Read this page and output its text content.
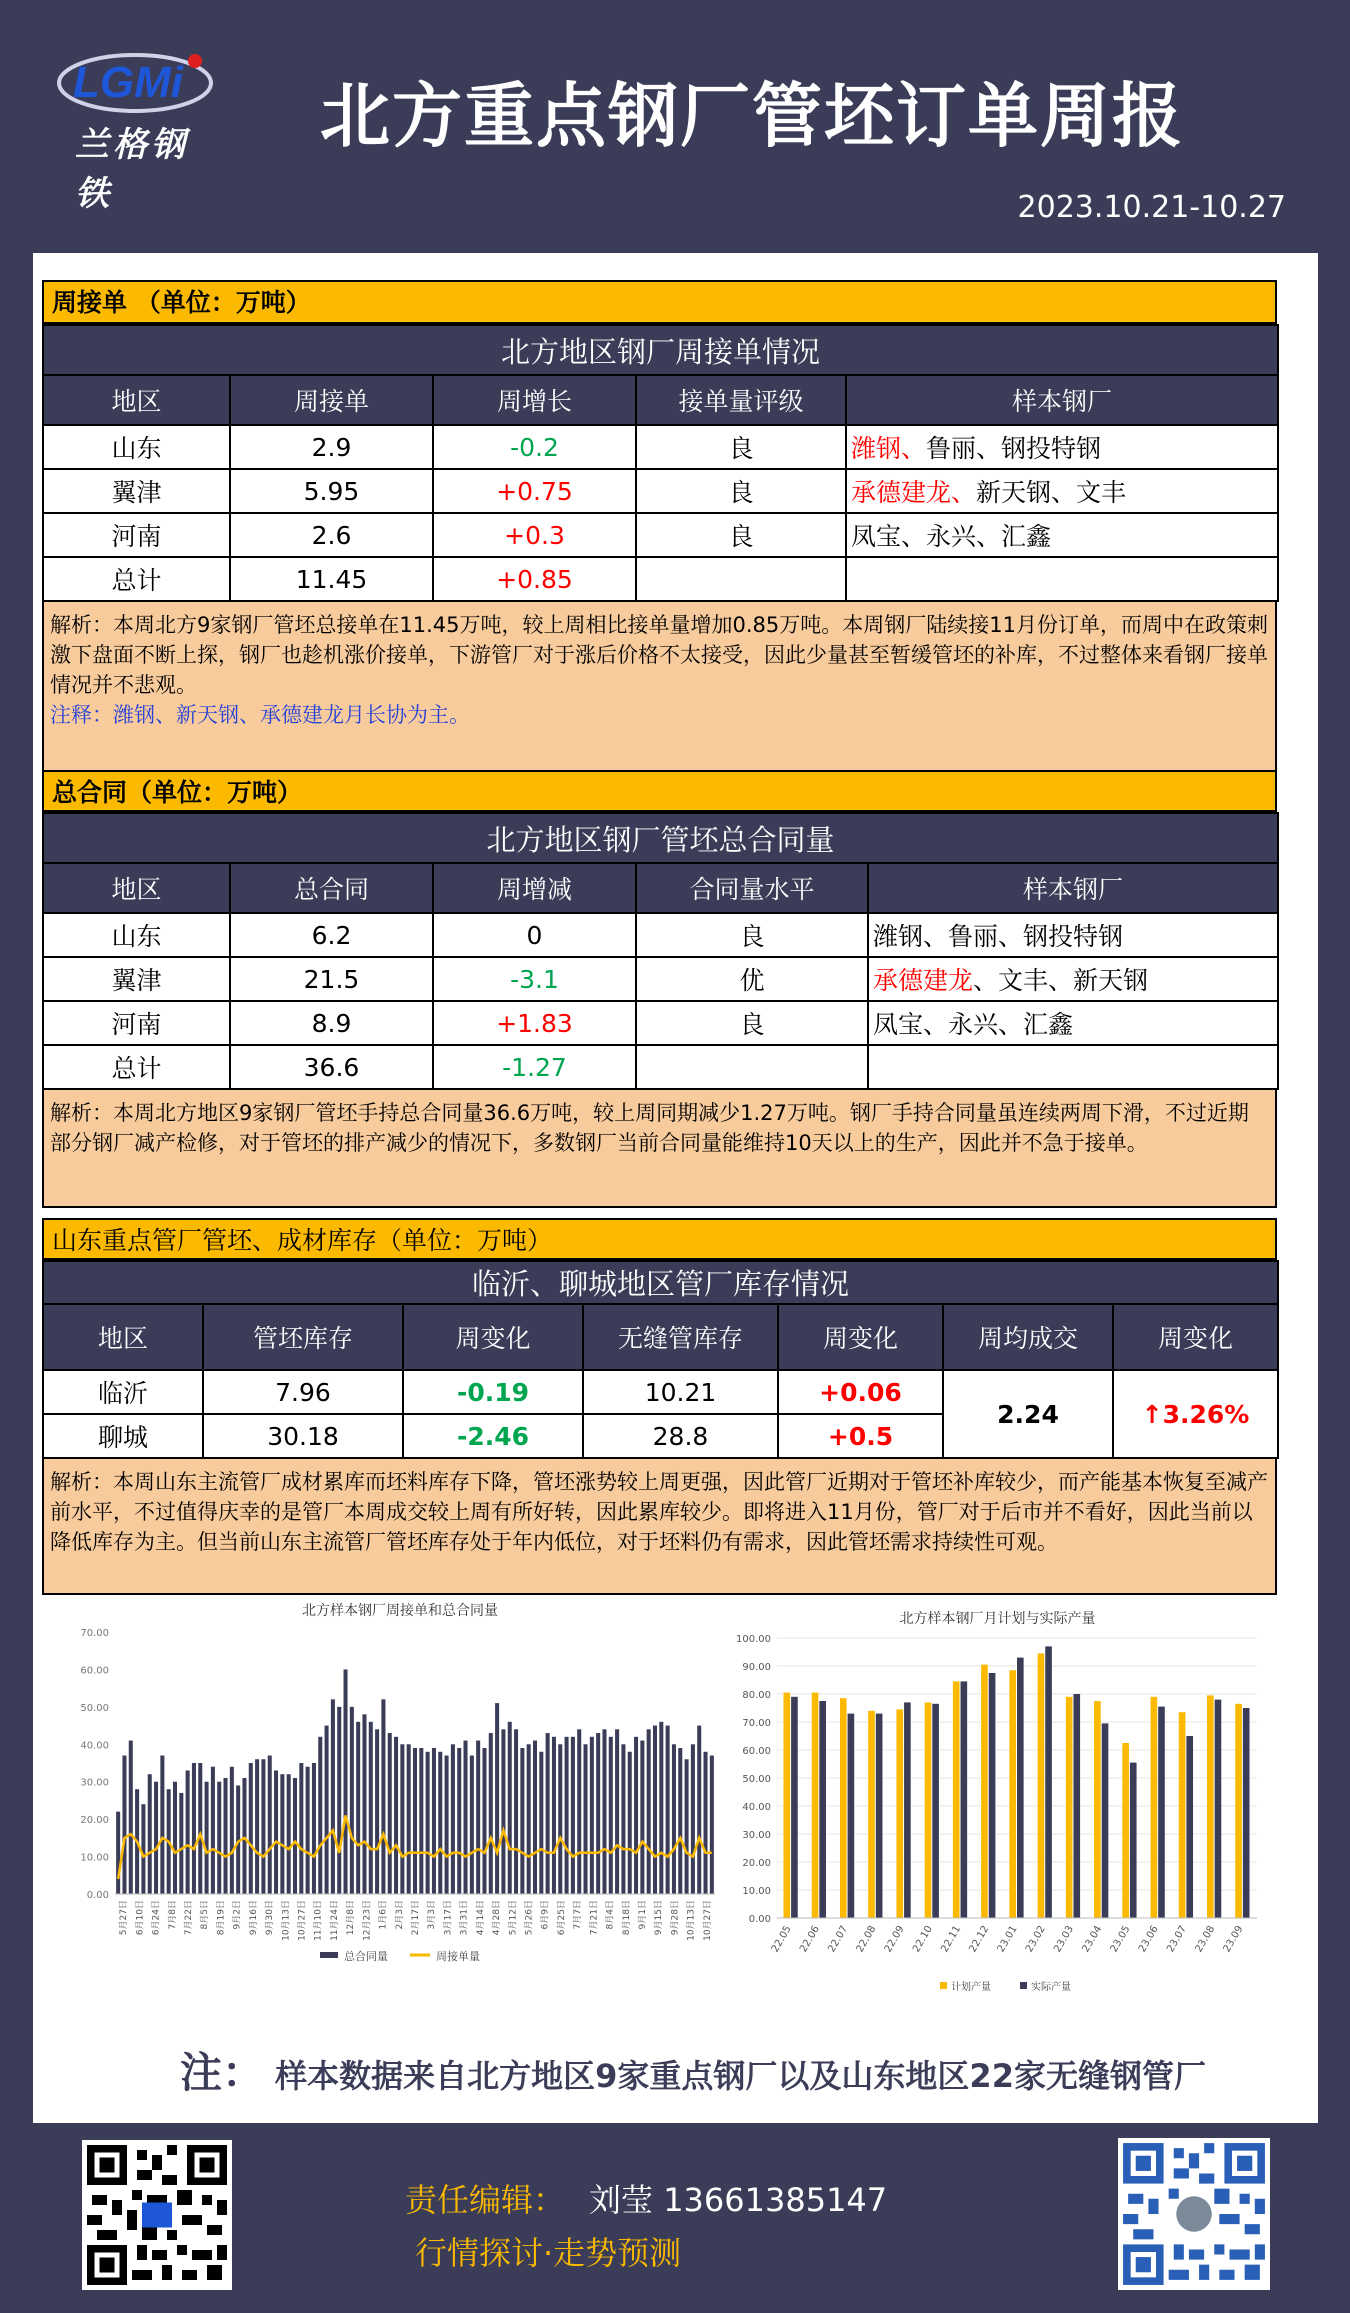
LGMi
兰格钢铁
北方重点钢厂管坯订单周报
2023.10.21-10.27
周接单 （单位：万吨）
北方地区钢厂周接单情况				
地区	周接单	周增长	接单量评级	样本钢厂
山东	2.9	-0.2	良	潍钢、鲁丽、钢投特钢
翼津	5.95	+0.75	良	承德建龙、新天钢、文丰
河南	2.6	+0.3	良	凤宝、永兴、汇鑫
总计	11.45	+0.85		
解析：本周北方9家钢厂管坯总接单在11.45万吨，较上周相比接单量增加0.85万吨。本周钢厂陆续接11月份订单，而周中在政策刺激下盘面不断上探，钢厂也趁机涨价接单，下游管厂对于涨后价格不太接受，因此少量甚至暂缓管坯的补库，不过整体来看钢厂接单情况并不悲观。
注释：潍钢、新天钢、承德建龙月长协为主。
总合同（单位：万吨）
北方地区钢厂管坯总合同量				
地区	总合同	周增减	合同量水平	样本钢厂
山东	6.2	0	良	潍钢、鲁丽、钢投特钢
翼津	21.5	-3.1	优	承德建龙、文丰、新天钢
河南	8.9	+1.83	良	凤宝、永兴、汇鑫
总计	36.6	-1.27		
解析：本周北方地区9家钢厂管坯手持总合同量36.6万吨，较上周同期减少1.27万吨。钢厂手持合同量虽连续两周下滑，不过近期部分钢厂减产检修，对于管坯的排产减少的情况下，多数钢厂当前合同量能维持10天以上的生产，因此并不急于接单。
山东重点管厂管坯、成材库存（单位：万吨）
临沂、聊城地区管厂库存情况						
地区	管坯库存	周变化	无缝管库存	周变化	周均成交	周变化
临沂	7.96	-0.19	10.21	+0.06	2.24	↑3.26%
聊城	30.18	-2.46	28.8	+0.5		
解析：本周山东主流管厂成材累库而坯料库存下降，管坯涨势较上周更强，因此管厂近期对于管坯补库较少，而产能基本恢复至减产前水平，不过值得庆幸的是管厂本周成交较上周有所好转，因此累库较少。即将进入11月份，管厂对于后市并不看好，因此当前以降低库存为主。但当前山东主流管厂管坯库存处于年内低位，对于坯料仍有需求，因此管坯需求持续性可观。
北方样本钢厂周接单和总合同量
0.00
10.00
20.00
30.00
40.00
50.00
60.00
70.00
5月27日 6月10日 6月24日 7月8日 7月22日 8月5日 8月19日 9月2日 9月16日 9月30日 10月13日 10月27日 11月10日 11月24日 12月8日 12月23日 1月6日 2月3日 2月17日 3月3日 3月17日 3月31日 4月14日 4月28日 5月12日 5月26日 6月9日 6月25日 7月7日 7月21日 8月4日 8月18日 9月1日 9月15日 9月28日 10月13日 10月27日
总合同量	周接单量
北方样本钢厂月计划与实际产量
0.00
10.00
20.00
30.00
40.00
50.00
60.00
70.00
80.00
90.00
100.00
22.05 22.06 22.07 22.08 22.09 22.10 22.11 22.12 23.01 23.02 23.03 23.04 23.05 23.06 23.07 23.08 23.09
计划产量	实际产量
注： 样本数据来自北方地区9家重点钢厂以及山东地区22家无缝钢管厂
责任编辑： 刘莹 13661385147
行情探讨·走势预测
